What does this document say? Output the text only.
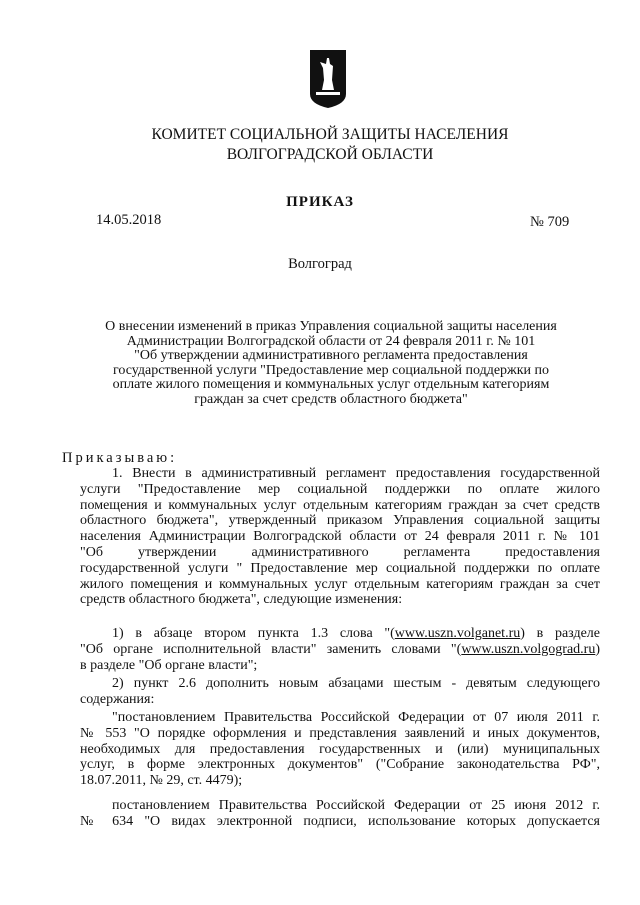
КОМИТЕТ СОЦИАЛЬНОЙ ЗАЩИТЫ НАСЕЛЕНИЯ
ВОЛГОГРАДСКОЙ ОБЛАСТИ
ПРИКАЗ
14.05.2018	№ 709
Волгоград
О внесении изменений в приказ Управления социальной защиты населения
Администрации Волгоградской области от 24 февраля 2011 г. № 101
"Об утверждении административного регламента предоставления
государственной услуги "Предоставление мер социальной поддержки по
оплате жилого помещения и коммунальных услуг отдельным категориям
граждан за счет средств областного бюджета"
Приказываю:
1. Внести в административный регламент предоставления государственной
услуги "Предоставление мер социальной поддержки по оплате жилого
помещения и коммунальных услуг отдельным категориям граждан за счет средств
областного бюджета", утвержденный приказом Управления социальной защиты
населения Администрации Волгоградской области от 24 февраля 2011 г. № 101
"Об утверждении административного регламента предоставления
государственной услуги " Предоставление мер социальной поддержки по оплате
жилого помещения и коммунальных услуг отдельным категориям граждан за счет
средств областного бюджета", следующие изменения:
1) в абзаце втором пункта 1.3 слова "(www.uszn.volganet.ru) в разделе
"Об органе исполнительной власти" заменить словами "(www.uszn.volgograd.ru)
в разделе "Об органе власти";
2) пункт 2.6 дополнить новым абзацами шестым - девятым следующего
содержания:
"постановлением Правительства Российской Федерации от 07 июля 2011 г.
№ 553 "О порядке оформления и представления заявлений и иных документов,
необходимых для предоставления государственных и (или) муниципальных
услуг, в форме электронных документов" ("Собрание законодательства РФ",
18.07.2011, № 29, ст. 4479);
постановлением Правительства Российской Федерации от 25 июня 2012 г.
№ 634 "О видах электронной подписи, использование которых допускается
